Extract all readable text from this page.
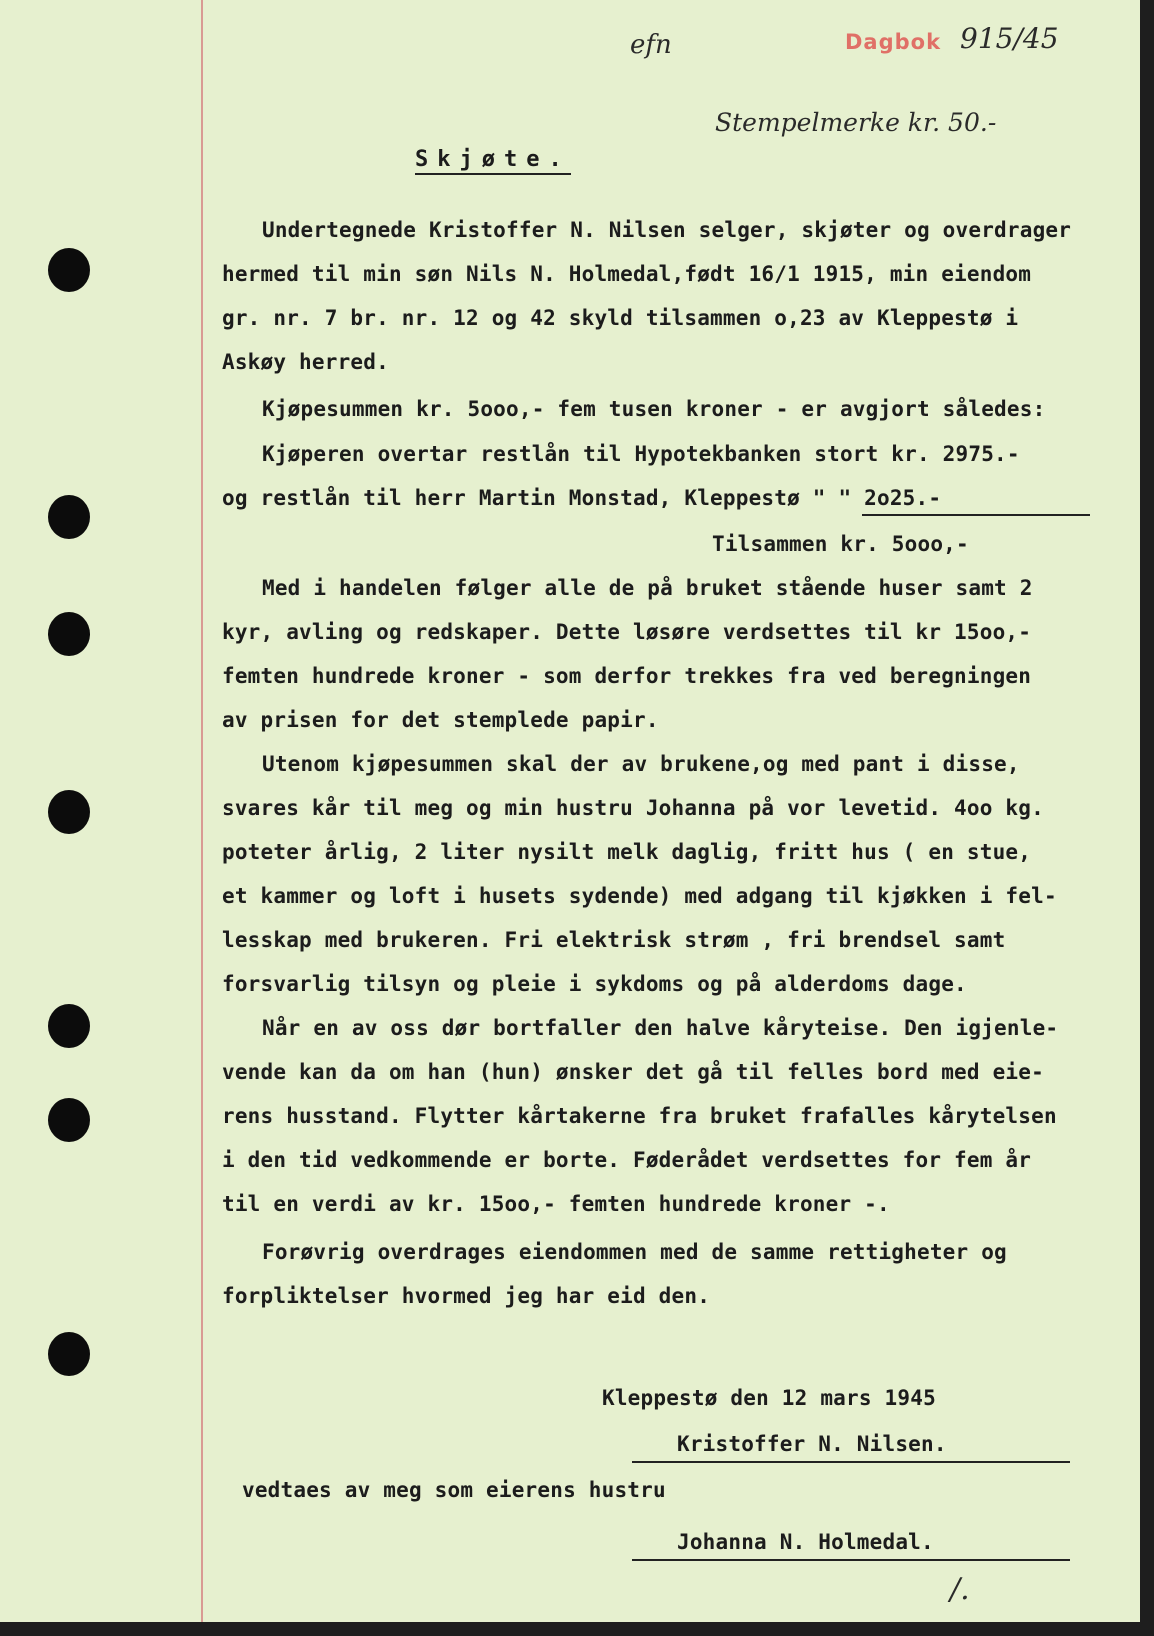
Dagbok 915/45
efn
Stempelmerke kr. 50.-
Skjøte.
Undertegnede Kristoffer N. Nilsen selger, skjøter og overdrager
hermed til min søn Nils N. Holmedal,født 16/1 1915, min eiendom
gr. nr. 7 br. nr. 12 og 42 skyld tilsammen o,23 av Kleppestø i
Askøy herred.
Kjøpesummen kr. 5ooo,- fem tusen kroner - er avgjort således:
Kjøperen overtar restlån til Hypotekbanken stort kr. 2975.-
og restlån til herr Martin Monstad, Kleppestø " " 2o25.-
Tilsammen kr. 5ooo,-
Med i handelen følger alle de på bruket stående huser samt 2
kyr, avling og redskaper. Dette løsøre verdsettes til kr 15oo,-
femten hundrede kroner - som derfor trekkes fra ved beregningen
av prisen for det stemplede papir.
Utenom kjøpesummen skal der av brukene,og med pant i disse,
svares kår til meg og min hustru Johanna på vor levetid. 4oo kg.
poteter årlig, 2 liter nysilt melk daglig, fritt hus ( en stue,
et kammer og loft i husets sydende) med adgang til kjøkken i fel-
lesskap med brukeren. Fri elektrisk strøm , fri brendsel samt
forsvarlig tilsyn og pleie i sykdoms og på alderdoms dage.
Når en av oss dør bortfaller den halve kåryteise. Den igjenle-
vende kan da om han (hun) ønsker det gå til felles bord med eie-
rens husstand. Flytter kårtakerne fra bruket frafalles kårytelsen
i den tid vedkommende er borte. Føderådet verdsettes for fem år
til en verdi av kr. 15oo,- femten hundrede kroner -.
Forøvrig overdrages eiendommen med de samme rettigheter og
forpliktelser hvormed jeg har eid den.
Kleppestø den 12 mars 1945
Kristoffer N. Nilsen.
vedtaes av meg som eierens hustru
Johanna N. Holmedal.
/.
